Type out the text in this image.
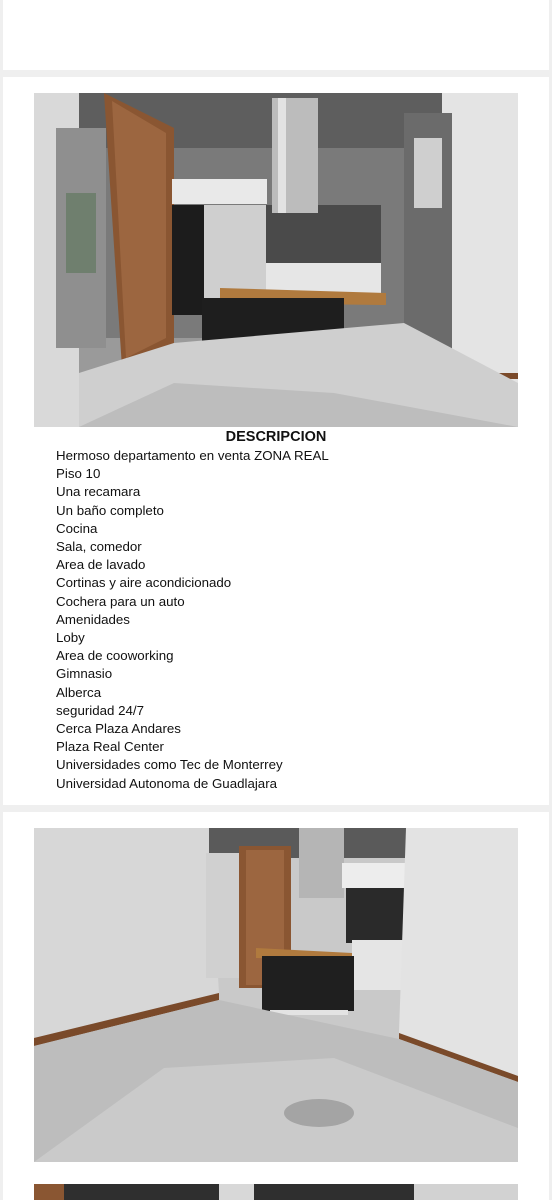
DESCRIPCION
Hermoso departamento en venta ZONA REAL
Piso 10
Una recamara
Un baño completo
Cocina
Sala, comedor
Area de lavado
Cortinas y aire acondicionado
Cochera para un auto
Amenidades
Loby
Area de cooworking
Gimnasio
Alberca
seguridad 24/7
Cerca Plaza Andares
Plaza Real Center
Universidades como Tec de Monterrey
Universidad Autonoma de Guadlajara
